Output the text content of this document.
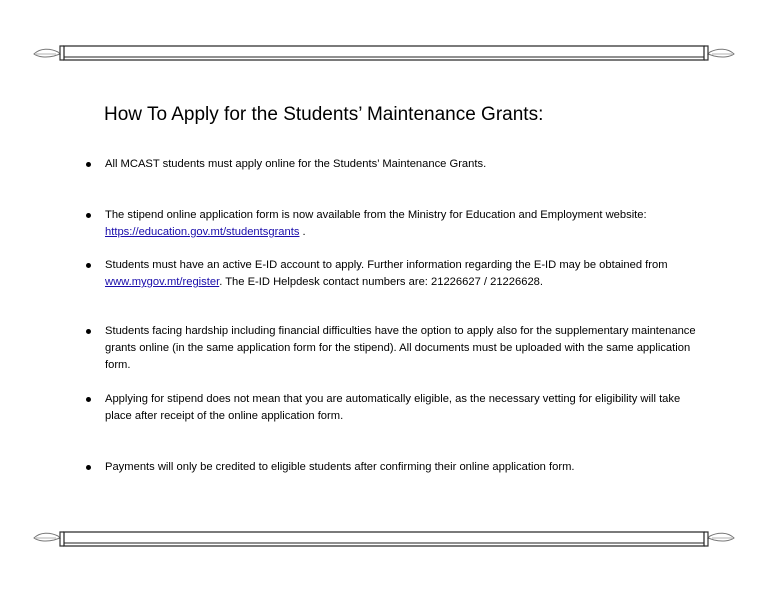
How To Apply for the Students’ Maintenance Grants:
All MCAST students must apply online for the Students’ Maintenance Grants.
The stipend online application form is now available from the Ministry for Education and Employment website: https://education.gov.mt/studentsgrants .
Students must have an active E-ID account to apply. Further information regarding the E-ID may be obtained from www.mygov.mt/register. The E-ID Helpdesk contact numbers are: 21226627 / 21226628.
Students facing hardship including financial difficulties have the option to apply also for the supplementary maintenance grants online (in the same application form for the stipend). All documents must be uploaded with the same application form.
Applying for stipend does not mean that you are automatically eligible, as the necessary vetting for eligibility will take place after receipt of the online application form.
Payments will only be credited to eligible students after confirming their online application form.
